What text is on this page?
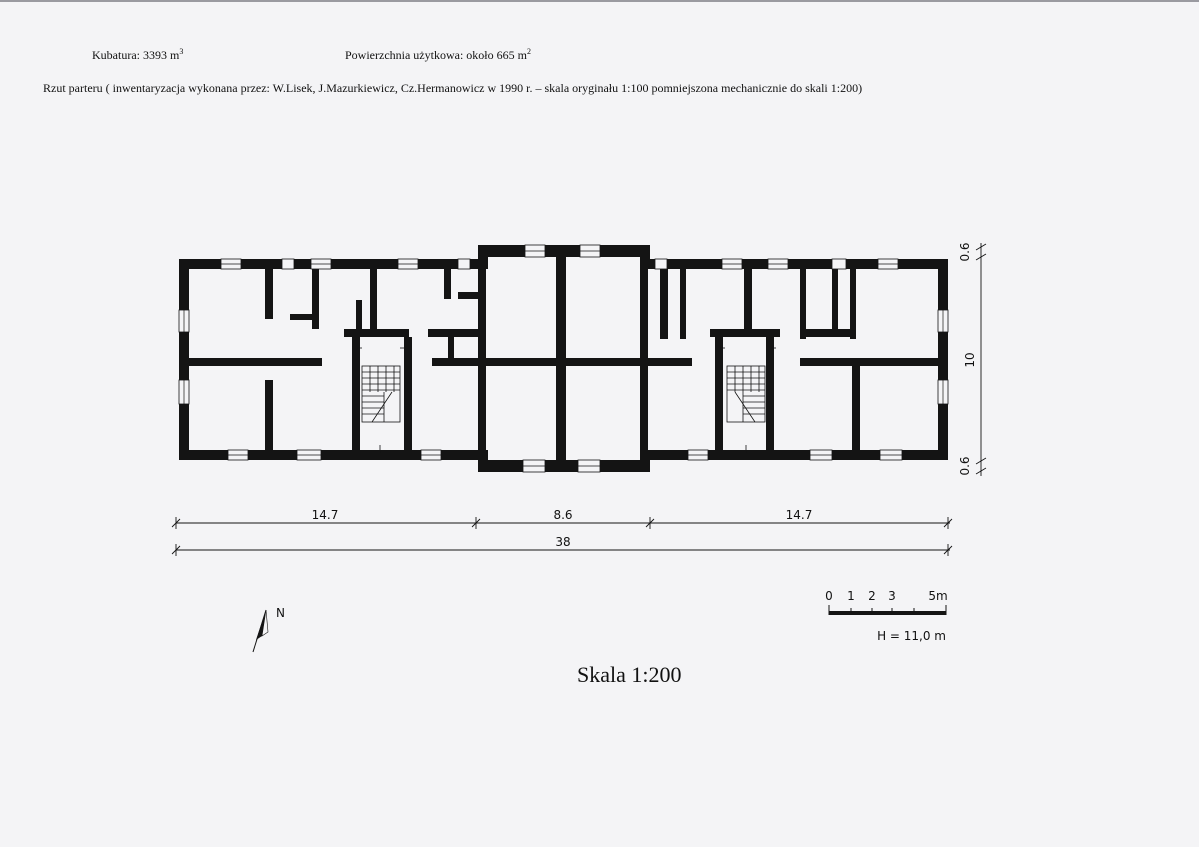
Kubatura: 3393 $m^3$	Powierzchnia użytkowa: około 665 $m^2$
Rzut parteru ( inwentaryzacja wykonana przez: W.Lisek, J.Mazurkiewicz, Cz.Hermanowicz w 1990 r. – skala oryginału 1:100 pomniejszona mechanicznie do skali 1:200)
14.7	8.6	14.7
38
0.6
10
0.6
N
0 1 2 3	5m
H = 11,0 m
Skala 1:200
